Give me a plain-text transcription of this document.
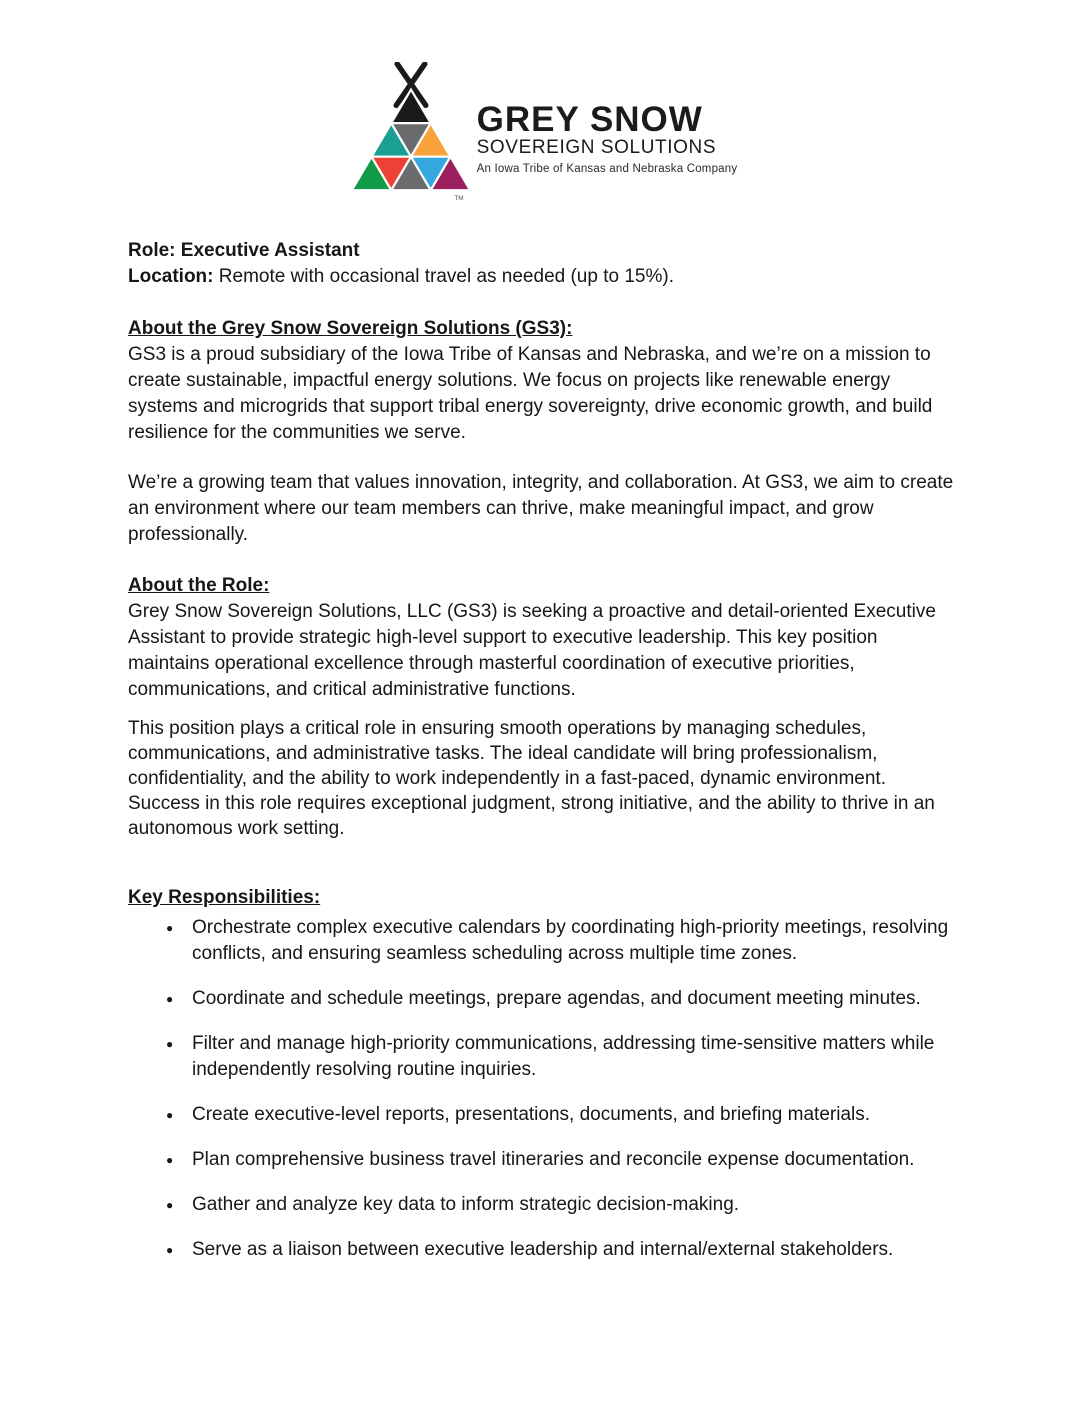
TM
GREY SNOW
SOVEREIGN SOLUTIONS
An Iowa Tribe of Kansas and Nebraska Company

Role: Executive Assistant

Location: Remote with occasional travel as needed (up to 15%).

About the Grey Snow Sovereign Solutions (GS3):

GS3 is a proud subsidiary of the Iowa Tribe of Kansas and Nebraska, and we’re on a mission to create sustainable, impactful energy solutions. We focus on projects like renewable energy systems and microgrids that support tribal energy sovereignty, drive economic growth, and build resilience for the communities we serve.

We’re a growing team that values innovation, integrity, and collaboration. At GS3, we aim to create an environment where our team members can thrive, make meaningful impact, and grow professionally.

About the Role:

Grey Snow Sovereign Solutions, LLC (GS3) is seeking a proactive and detail-oriented Executive Assistant to provide strategic high-level support to executive leadership. This key position maintains operational excellence through masterful coordination of executive priorities, communications, and critical administrative functions.

This position plays a critical role in ensuring smooth operations by managing schedules, communications, and administrative tasks. The ideal candidate will bring professionalism, confidentiality, and the ability to work independently in a fast-paced, dynamic environment. Success in this role requires exceptional judgment, strong initiative, and the ability to thrive in an autonomous work setting.

Key Responsibilities:
● Orchestrate complex executive calendars by coordinating high-priority meetings, resolving conflicts, and ensuring seamless scheduling across multiple time zones.
● Coordinate and schedule meetings, prepare agendas, and document meeting minutes.
● Filter and manage high-priority communications, addressing time-sensitive matters while independently resolving routine inquiries.
● Create executive-level reports, presentations, documents, and briefing materials.
● Plan comprehensive business travel itineraries and reconcile expense documentation.
● Gather and analyze key data to inform strategic decision-making.
● Serve as a liaison between executive leadership and internal/external stakeholders.
